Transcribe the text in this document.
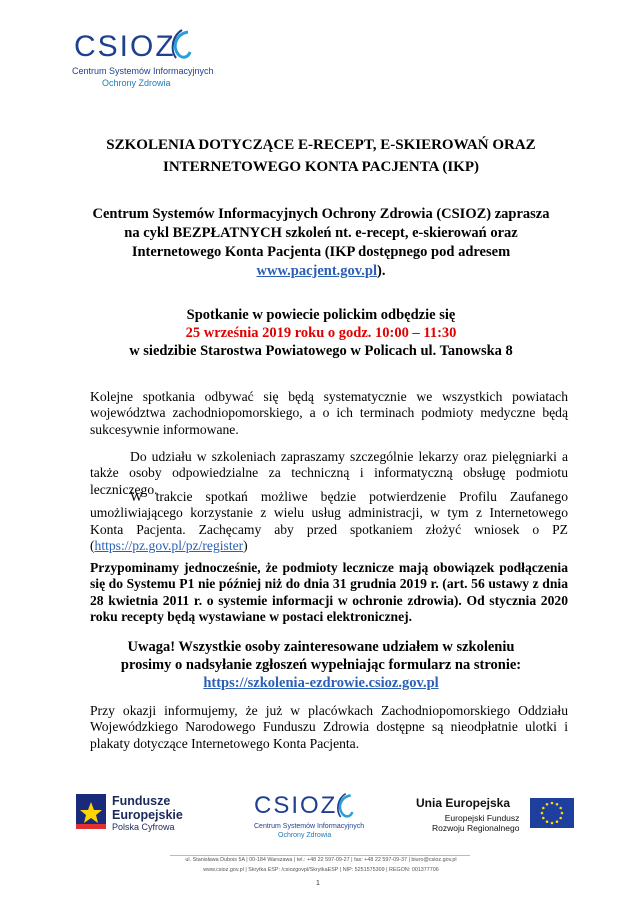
CSIOZ
Centrum Systemów Informacyjnych
Ochrony Zdrowia
SZKOLENIA DOTYCZĄCE E-RECEPT, E-SKIEROWAŃ ORAZ
INTERNETOWEGO KONTA PACJENTA (IKP)
Centrum Systemów Informacyjnych Ochrony Zdrowia (CSIOZ) zaprasza
na cykl BEZPŁATNYCH szkoleń nt. e-recept, e-skierowań oraz
Internetowego Konta Pacjenta (IKP dostępnego pod adresem
www.pacjent.gov.pl).
Spotkanie w powiecie polickim odbędzie się
25 września 2019 roku o godz. 10:00 – 11:30
w siedzibie Starostwa Powiatowego w Policach ul. Tanowska 8
Kolejne spotkania odbywać się będą systematycznie we wszystkich powiatach województwa zachodniopomorskiego, a o ich terminach podmioty medyczne będą sukcesywnie informowane.
Do udziału w szkoleniach zapraszamy szczególnie lekarzy oraz pielęgniarki a także osoby odpowiedzialne za techniczną i informatyczną obsługę podmiotu leczniczego.
W trakcie spotkań możliwe będzie potwierdzenie Profilu Zaufanego umożliwiającego korzystanie z wielu usług administracji, w tym z Internetowego Konta Pacjenta. Zachęcamy aby przed spotkaniem złożyć wniosek o PZ (https://pz.gov.pl/pz/register)
Przypominamy jednocześnie, że podmioty lecznicze mają obowiązek podłączenia się do Systemu P1 nie później niż do dnia 31 grudnia 2019 r. (art. 56 ustawy z dnia 28 kwietnia 2011 r. o systemie informacji w ochronie zdrowia). Od stycznia 2020 roku recepty będą wystawiane w postaci elektronicznej.
Uwaga! Wszystkie osoby zainteresowane udziałem w szkoleniu
prosimy o nadsyłanie zgłoszeń wypełniając formularz na stronie:
https://szkolenia-ezdrowie.csioz.gov.pl
Przy okazji informujemy, że już w placówkach Zachodniopomorskiego Oddziału Wojewódzkiego Narodowego Funduszu Zdrowia dostępne są nieodpłatnie ulotki i plakaty dotyczące Internetowego Konta Pacjenta.
Fundusze
Europejskie
Polska Cyfrowa
CSIOZ
Centrum Systemów Informacyjnych
Ochrony Zdrowia
Unia Europejska
Europejski Fundusz
Rozwoju Regionalnego
ul. Stanisława Dubois 5A | 00-184 Warszawa | tel.: +48 22 597-09-27 | fax: +48 22 597-09-37 | biuro@csioz.gov.pl
www.csioz.gov.pl | Skrytka ESP: /csiozgovpl/SkrytkaESP | NIP: 5251575309 | REGON: 001377706
1
